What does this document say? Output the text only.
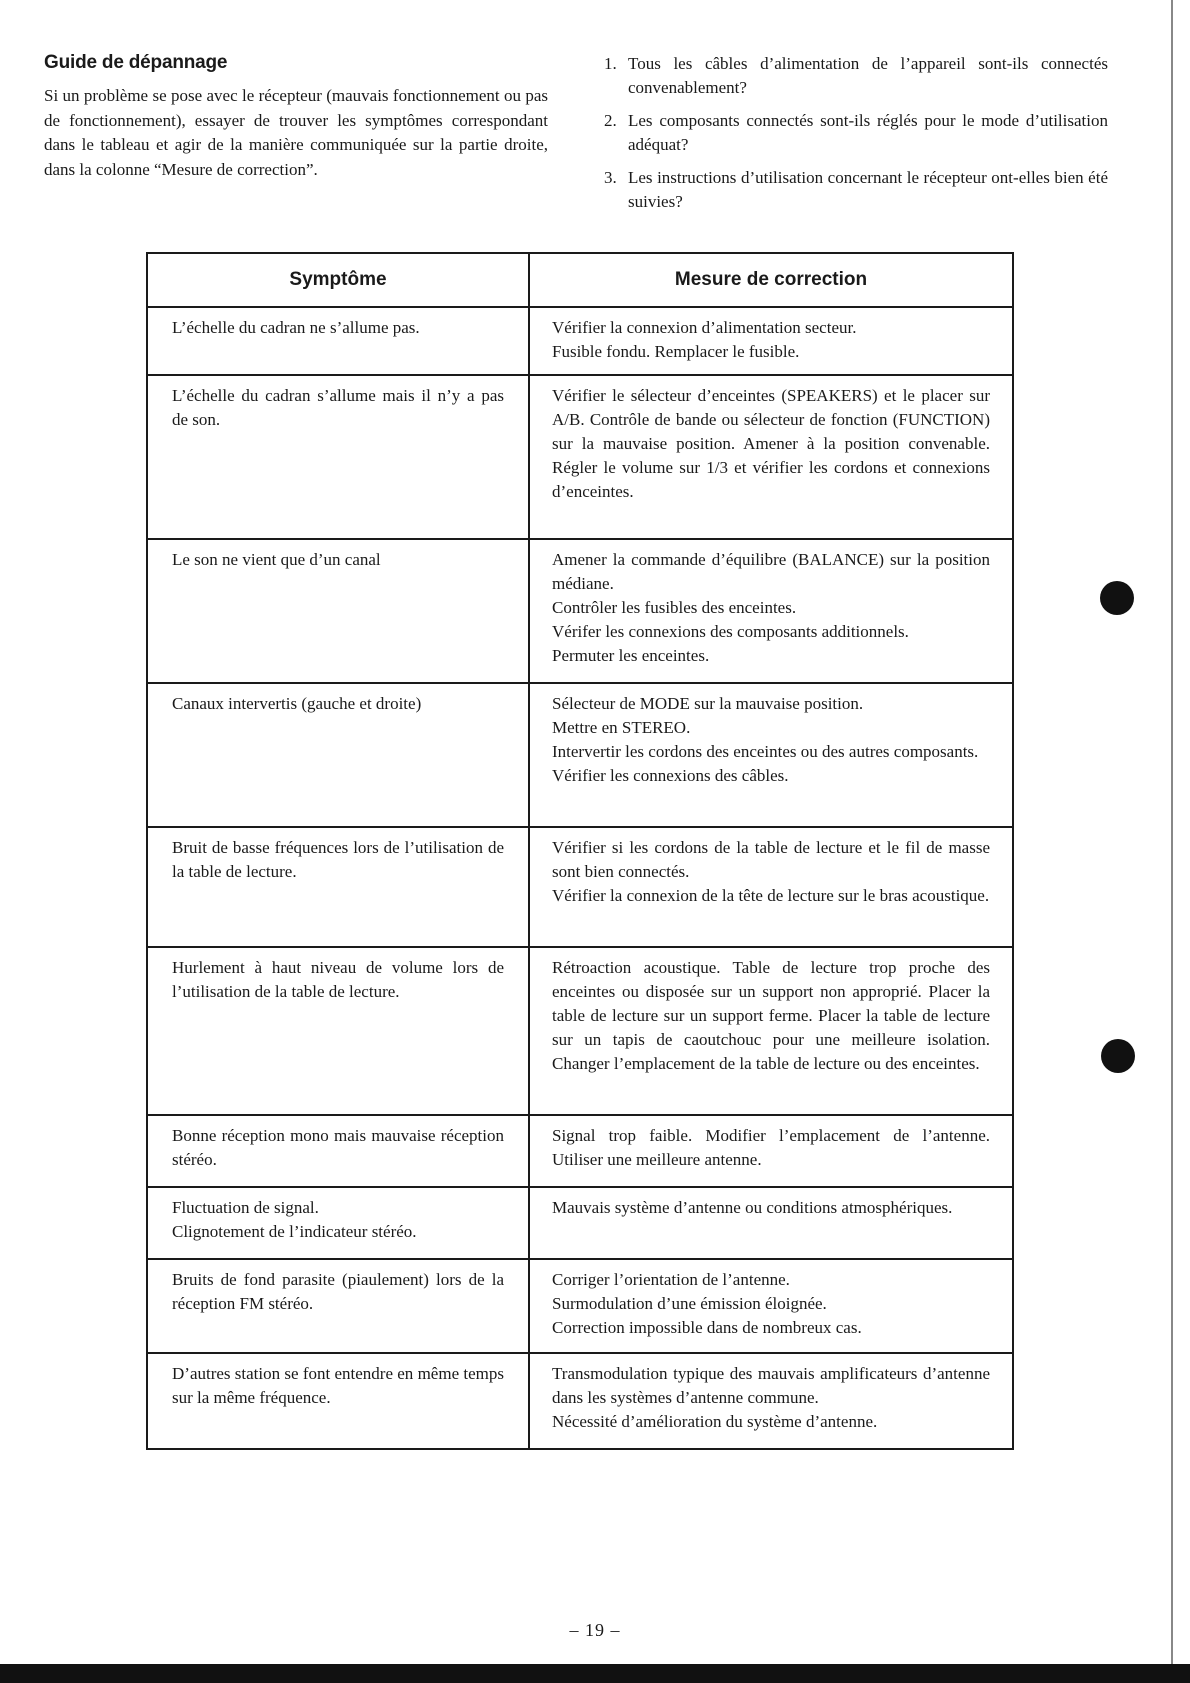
Guide de dépannage

Si un problème se pose avec le récepteur (mauvais fonctionnement ou pas de fonctionnement), essayer de trouver les symptômes correspondant dans le tableau et agir de la manière communiquée sur la partie droite, dans la colonne “Mesure de correction”.

1. Tous les câbles d’alimentation de l’appareil sont-ils connectés convenablement?
2. Les composants connectés sont-ils réglés pour le mode d’utilisation adéquat?
3. Les instructions d’utilisation concernant le récepteur ont-elles bien été suivies?
Symptôme	Mesure de correction

L’échelle du cadran ne s’allume pas.	Vérifier la connexion d’alimentation secteur.
Fusible fondu. Remplacer le fusible.

L’échelle du cadran s’allume mais il n’y a pas de son.	Vérifier le sélecteur d’enceintes (SPEAKERS) et le placer sur A/B. Contrôle de bande ou sélecteur de fonction (FUNCTION) sur la mauvaise position. Amener à la position convenable. Régler le volume sur 1/3 et vérifier les cordons et connexions d’enceintes.

Le son ne vient que d’un canal	Amener la commande d’équilibre (BALANCE) sur la position médiane.
Contrôler les fusibles des enceintes.
Vérifer les connexions des composants additionnels.
Permuter les enceintes.

Canaux intervertis (gauche et droite)	Sélecteur de MODE sur la mauvaise position.
Mettre en STEREO.
Intervertir les cordons des enceintes ou des autres composants.
Vérifier les connexions des câbles.

Bruit de basse fréquences lors de l’utilisation de la table de lecture.	Vérifier si les cordons de la table de lecture et le fil de masse sont bien connectés.
Vérifier la connexion de la tête de lecture sur le bras acoustique.

Hurlement à haut niveau de volume lors de l’utilisation de la table de lecture.	Rétroaction acoustique. Table de lecture trop proche des enceintes ou disposée sur un support non approprié. Placer la table de lecture sur un support ferme. Placer la table de lecture sur un tapis de caoutchouc pour une meilleure isolation. Changer l’emplacement de la table de lecture ou des enceintes.

Bonne réception mono mais mauvaise réception stéréo.	Signal trop faible. Modifier l’emplacement de l’antenne. Utiliser une meilleure antenne.

Fluctuation de signal.
Clignotement de l’indicateur stéréo.	Mauvais système d’antenne ou conditions atmosphériques.

Bruits de fond parasite (piaulement) lors de la réception FM stéréo.	Corriger l’orientation de l’antenne.
Surmodulation d’une émission éloignée.
Correction impossible dans de nombreux cas.

D’autres station se font entendre en même temps sur la même fréquence.	Transmodulation typique des mauvais amplificateurs d’antenne dans les systèmes d’antenne commune.
Nécessité d’amélioration du système d’antenne.
– 19 –
